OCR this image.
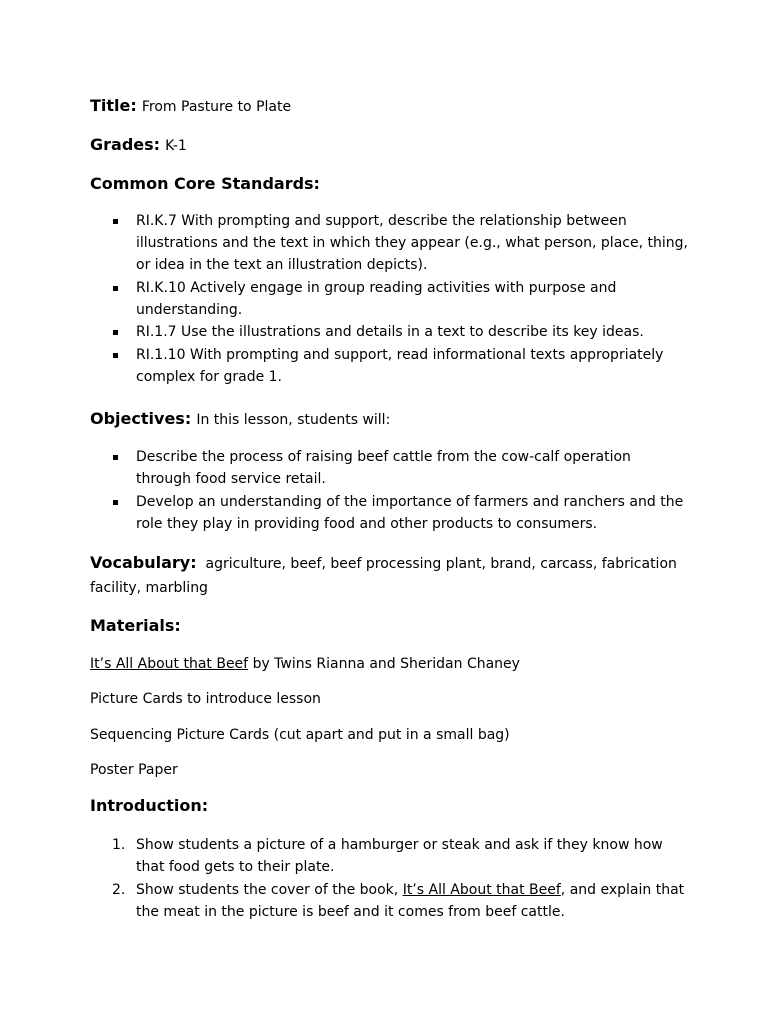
Title: From Pasture to Plate
Grades: K-1
Common Core Standards:
RI.K.7 With prompting and support, describe the relationship between illustrations and the text in which they appear (e.g., what person, place, thing, or idea in the text an illustration depicts).
RI.K.10 Actively engage in group reading activities with purpose and understanding.
RI.1.7 Use the illustrations and details in a text to describe its key ideas.
RI.1.10 With prompting and support, read informational texts appropriately complex for grade 1.
Objectives: In this lesson, students will:
Describe the process of raising beef cattle from the cow-calf operation through food service retail.
Develop an understanding of the importance of farmers and ranchers and the role they play in providing food and other products to consumers.
Vocabulary: agriculture, beef, beef processing plant, brand, carcass, fabrication facility, marbling
Materials:
It’s All About that Beef by Twins Rianna and Sheridan Chaney
Picture Cards to introduce lesson
Sequencing Picture Cards (cut apart and put in a small bag)
Poster Paper
Introduction:
1. Show students a picture of a hamburger or steak and ask if they know how that food gets to their plate.
2. Show students the cover of the book, It’s All About that Beef, and explain that the meat in the picture is beef and it comes from beef cattle.
